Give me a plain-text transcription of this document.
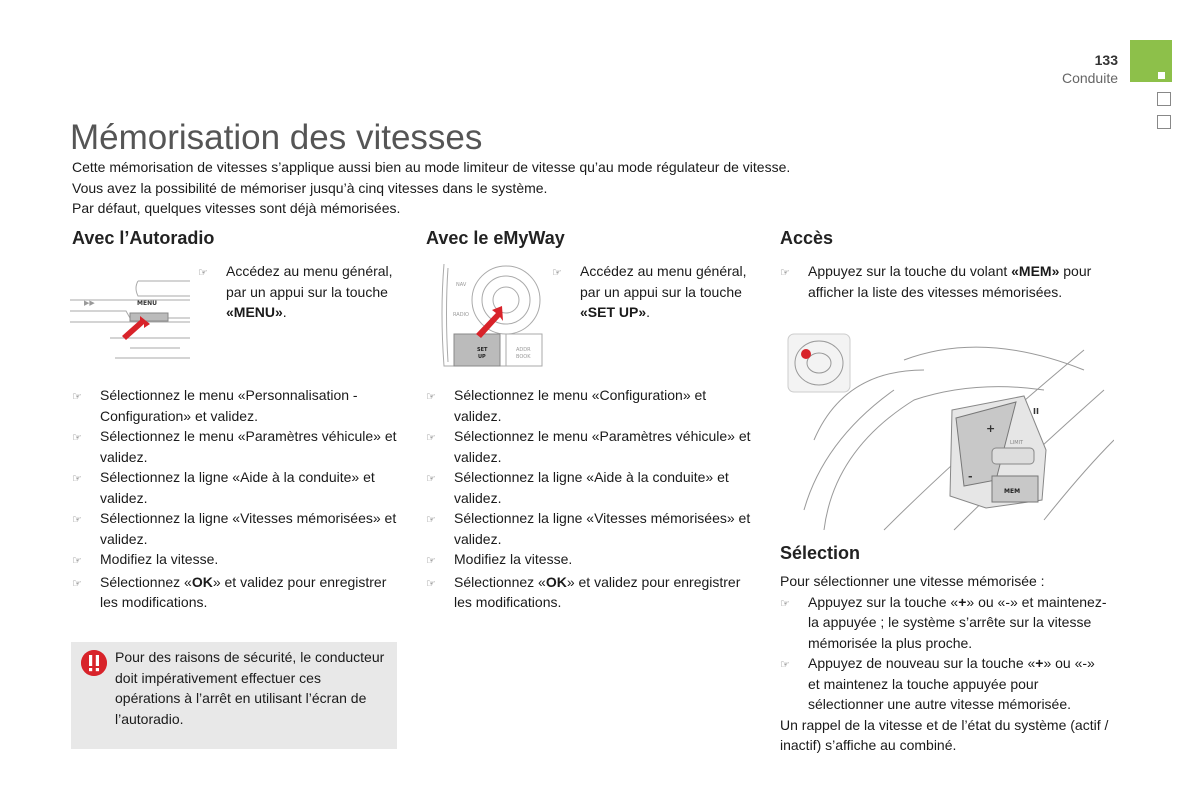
133
Conduite
Mémorisation des vitesses
Cette mémorisation de vitesses s’applique aussi bien au mode limiteur de vitesse qu’au mode régulateur de vitesse.
Vous avez la possibilité de mémoriser jusqu’à cinq vitesses dans le système.
Par défaut, quelques vitesses sont déjà mémorisées.
Avec l’Autoradio
▶▶	MENU
☞	Accédez au menu général, par un appui sur la touche «MENU».
☞	Sélectionnez le menu «Personnalisation - Configuration» et validez.
☞	Sélectionnez le menu «Paramètres véhicule» et validez.
☞	Sélectionnez la ligne «Aide à la conduite» et validez.
☞	Sélectionnez la ligne «Vitesses mémorisées» et validez.
☞	Modifiez la vitesse.
☞	Sélectionnez «OK» et validez pour enregistrer les modifications.
Pour des raisons de sécurité, le conducteur doit impérativement effectuer ces opérations à l’arrêt en utilisant l’écran de l’autoradio.
Avec le eMyWay
NAV
RADIO
SET
UP
ADDR
BOOK
☞	Accédez au menu général, par un appui sur la touche «SET UP».
☞	Sélectionnez le menu «Configuration» et validez.
☞	Sélectionnez le menu «Paramètres véhicule» et validez.
☞	Sélectionnez la ligne «Aide à la conduite» et validez.
☞	Sélectionnez la ligne «Vitesses mémorisées» et validez.
☞	Modifiez la vitesse.
☞	Sélectionnez «OK» et validez pour enregistrer les modifications.
Accès
☞	Appuyez sur la touche du volant «MEM» pour afficher la liste des vitesses mémorisées.
+
-
II
LIMIT
MEM
Sélection
Pour sélectionner une vitesse mémorisée :
☞	Appuyez sur la touche «+» ou «-» et maintenez-la appuyée ; le système s’arrête sur la vitesse mémorisée la plus proche.
☞	Appuyez de nouveau sur la touche «+» ou «-» et maintenez la touche appuyée pour sélectionner une autre vitesse mémorisée.
Un rappel de la vitesse et de l’état du système (actif / inactif) s’affiche au combiné.
